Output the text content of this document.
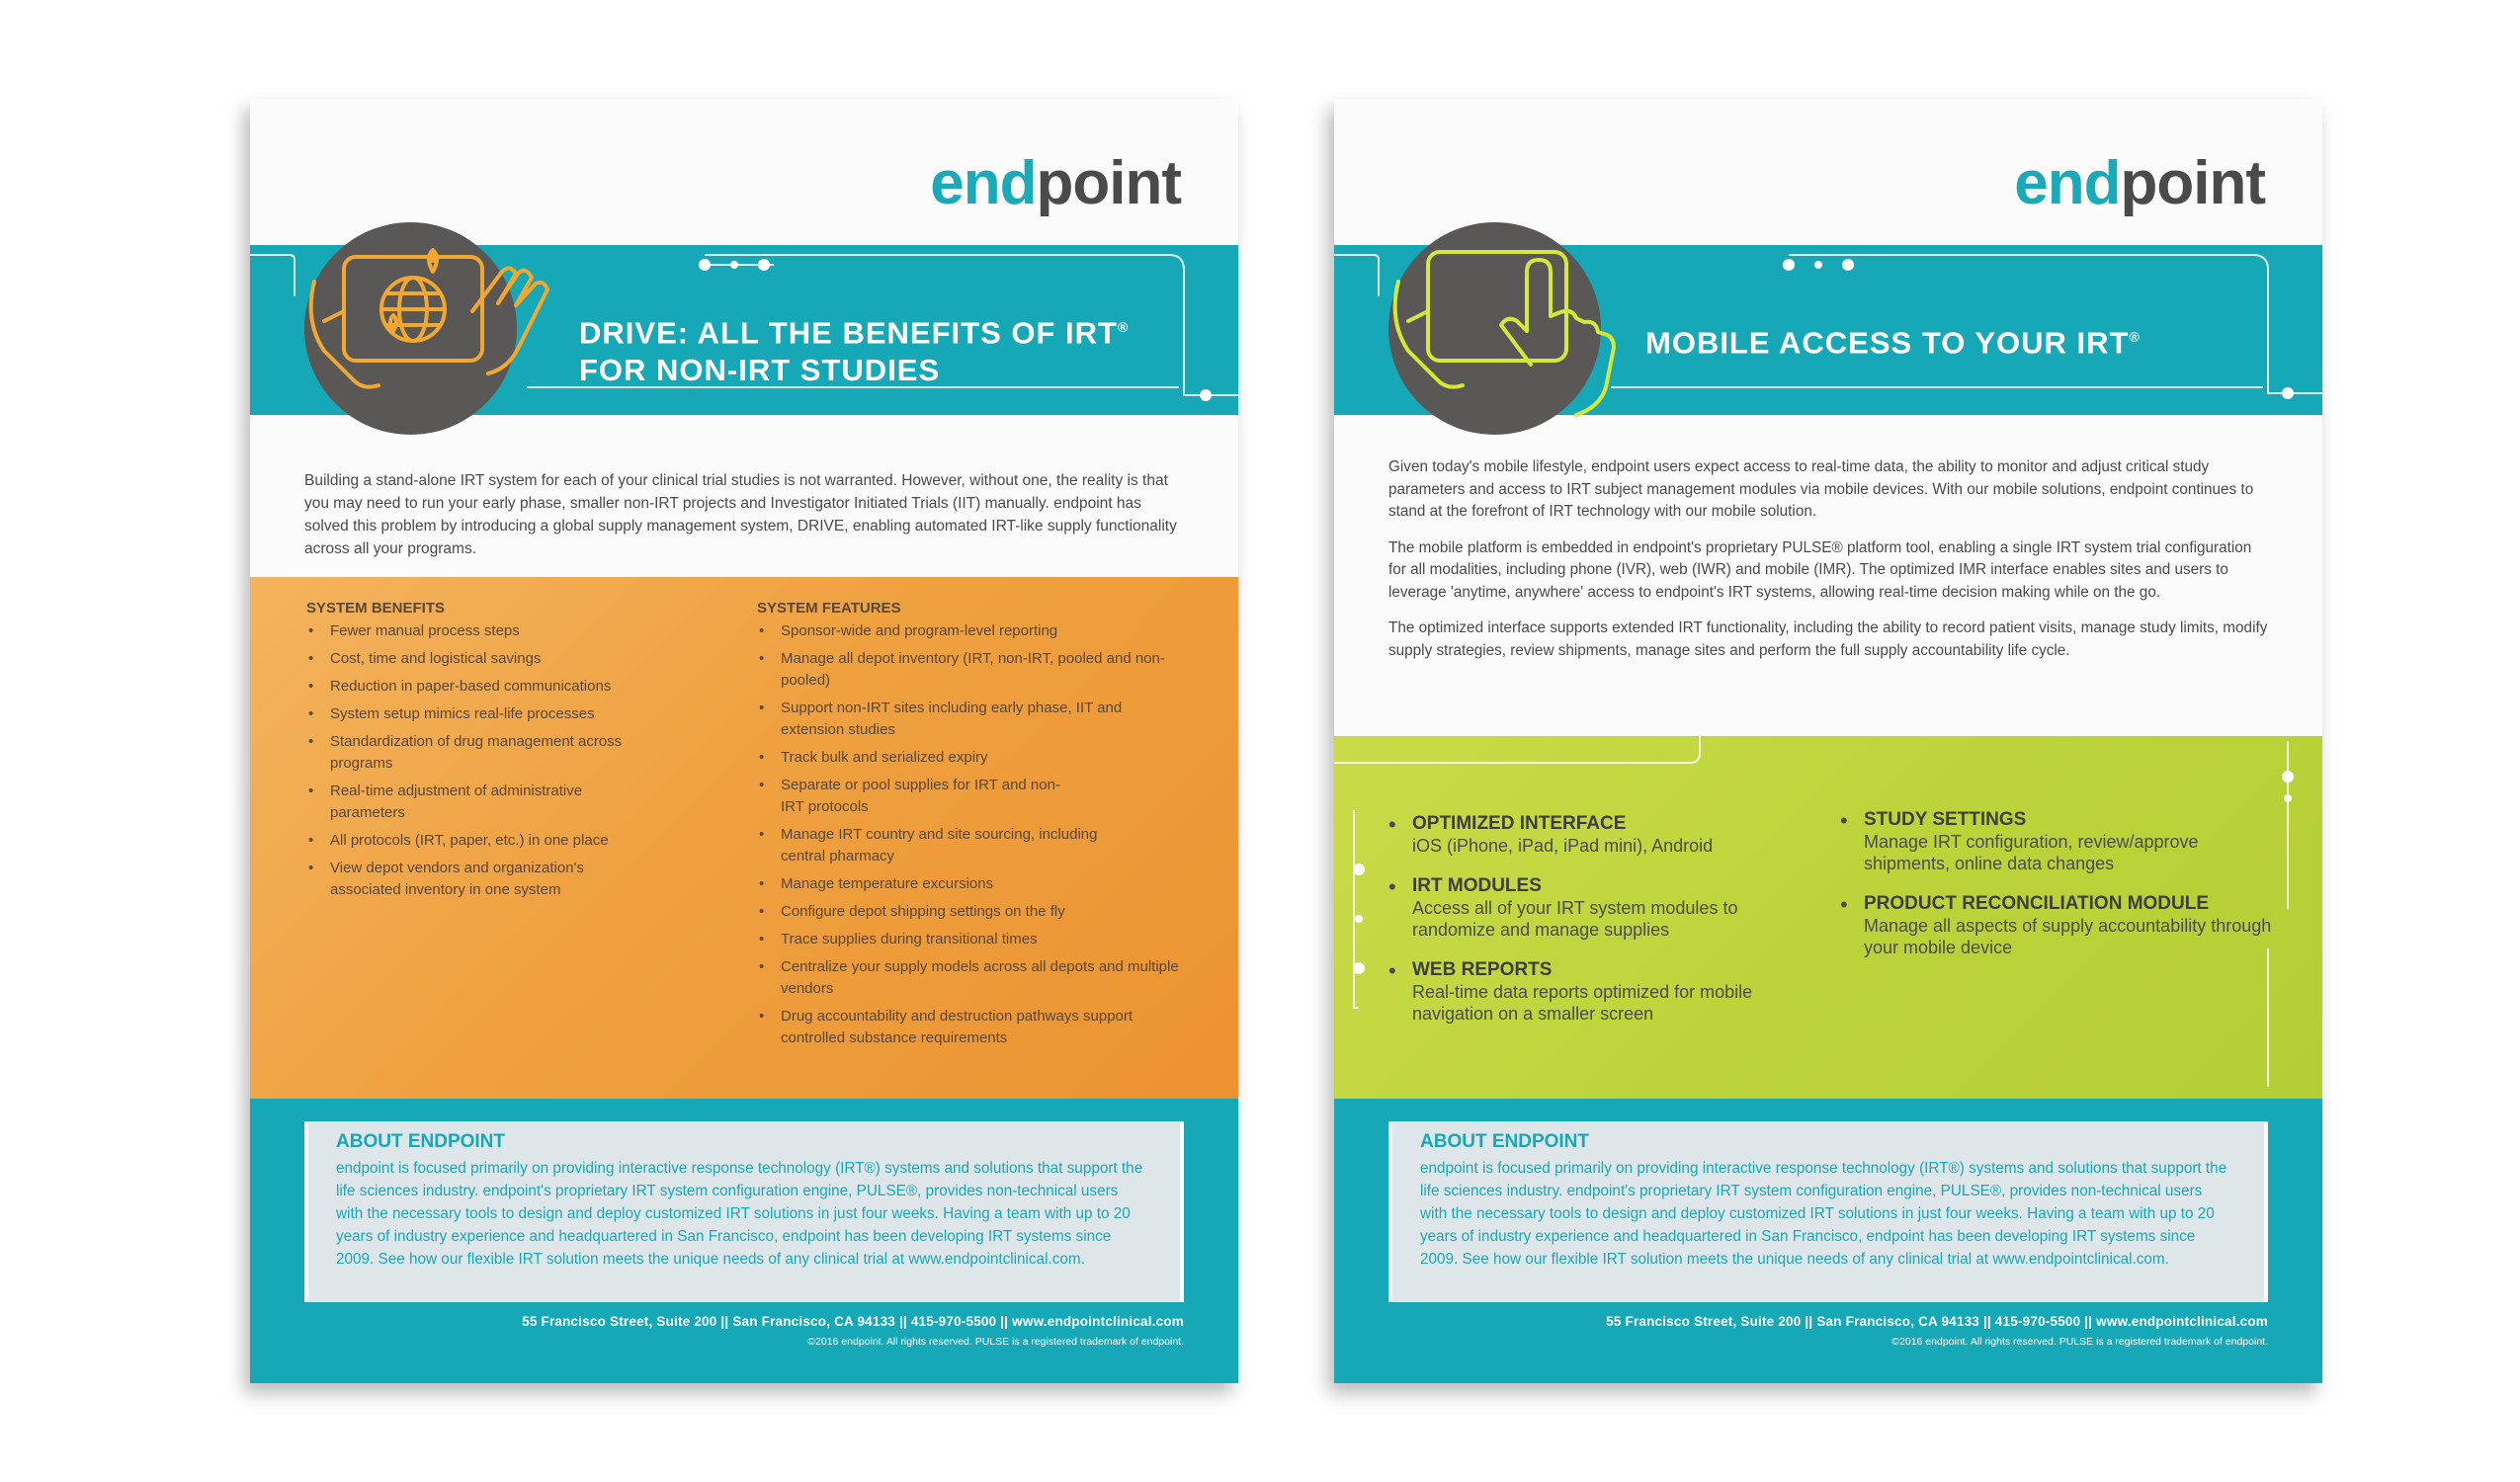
endpoint
DRIVE: ALL THE BENEFITS OF IRT®
FOR NON-IRT STUDIES

Building a stand-alone IRT system for each of your clinical trial studies is not warranted. However, without one, the reality is that you may need to run your early phase, smaller non-IRT projects and Investigator Initiated Trials (IIT) manually. endpoint has solved this problem by introducing a global supply management system, DRIVE, enabling automated IRT-like supply functionality across all your programs.

SYSTEM BENEFITS
• Fewer manual process steps
• Cost, time and logistical savings
• Reduction in paper-based communications
• System setup mimics real-life processes
• Standardization of drug management across programs
• Real-time adjustment of administrative parameters
• All protocols (IRT, paper, etc.) in one place
• View depot vendors and organization's associated inventory in one system
SYSTEM FEATURES
• Sponsor-wide and program-level reporting
• Manage all depot inventory (IRT, non-IRT, pooled and non-pooled)
• Support non-IRT sites including early phase, IIT and extension studies
• Track bulk and serialized expiry
• Separate or pool supplies for IRT and non-IRT protocols
• Manage IRT country and site sourcing, including central pharmacy
• Manage temperature excursions
• Configure depot shipping settings on the fly
• Trace supplies during transitional times
• Centralize your supply models across all depots and multiple vendors
• Drug accountability and destruction pathways support controlled substance requirements
ABOUT ENDPOINT
endpoint is focused primarily on providing interactive response technology (IRT®) systems and solutions that support the life sciences industry. endpoint's proprietary IRT system configuration engine, PULSE®, provides non-technical users with the necessary tools to design and deploy customized IRT solutions in just four weeks. Having a team with up to 20 years of industry experience and headquartered in San Francisco, endpoint has been developing IRT systems since 2009. See how our flexible IRT solution meets the unique needs of any clinical trial at www.endpointclinical.com.
55 Francisco Street, Suite 200 || San Francisco, CA 94133 || 415-970-5500 || www.endpointclinical.com
©2016 endpoint. All rights reserved. PULSE is a registered trademark of endpoint.
endpoint
MOBILE ACCESS TO YOUR IRT®

Given today's mobile lifestyle, endpoint users expect access to real-time data, the ability to monitor and adjust critical study parameters and access to IRT subject management modules via mobile devices. With our mobile solutions, endpoint continues to stand at the forefront of IRT technology with our mobile solution.

The mobile platform is embedded in endpoint's proprietary PULSE® platform tool, enabling a single IRT system trial configuration for all modalities, including phone (IVR), web (IWR) and mobile (IMR). The optimized IMR interface enables sites and users to leverage 'anytime, anywhere' access to endpoint's IRT systems, allowing real-time decision making while on the go.

The optimized interface supports extended IRT functionality, including the ability to record patient visits, manage study limits, modify supply strategies, review shipments, manage sites and perform the full supply accountability life cycle.

• OPTIMIZED INTERFACE
iOS (iPhone, iPad, iPad mini), Android
• IRT MODULES
Access all of your IRT system modules to randomize and manage supplies
• WEB REPORTS
Real-time data reports optimized for mobile navigation on a smaller screen
• STUDY SETTINGS
Manage IRT configuration, review/approve shipments, online data changes
• PRODUCT RECONCILIATION MODULE
Manage all aspects of supply accountability through your mobile device
ABOUT ENDPOINT
endpoint is focused primarily on providing interactive response technology (IRT®) systems and solutions that support the life sciences industry. endpoint's proprietary IRT system configuration engine, PULSE®, provides non-technical users with the necessary tools to design and deploy customized IRT solutions in just four weeks. Having a team with up to 20 years of industry experience and headquartered in San Francisco, endpoint has been developing IRT systems since 2009. See how our flexible IRT solution meets the unique needs of any clinical trial at www.endpointclinical.com.
55 Francisco Street, Suite 200 || San Francisco, CA 94133 || 415-970-5500 || www.endpointclinical.com
©2016 endpoint. All rights reserved. PULSE is a registered trademark of endpoint.
